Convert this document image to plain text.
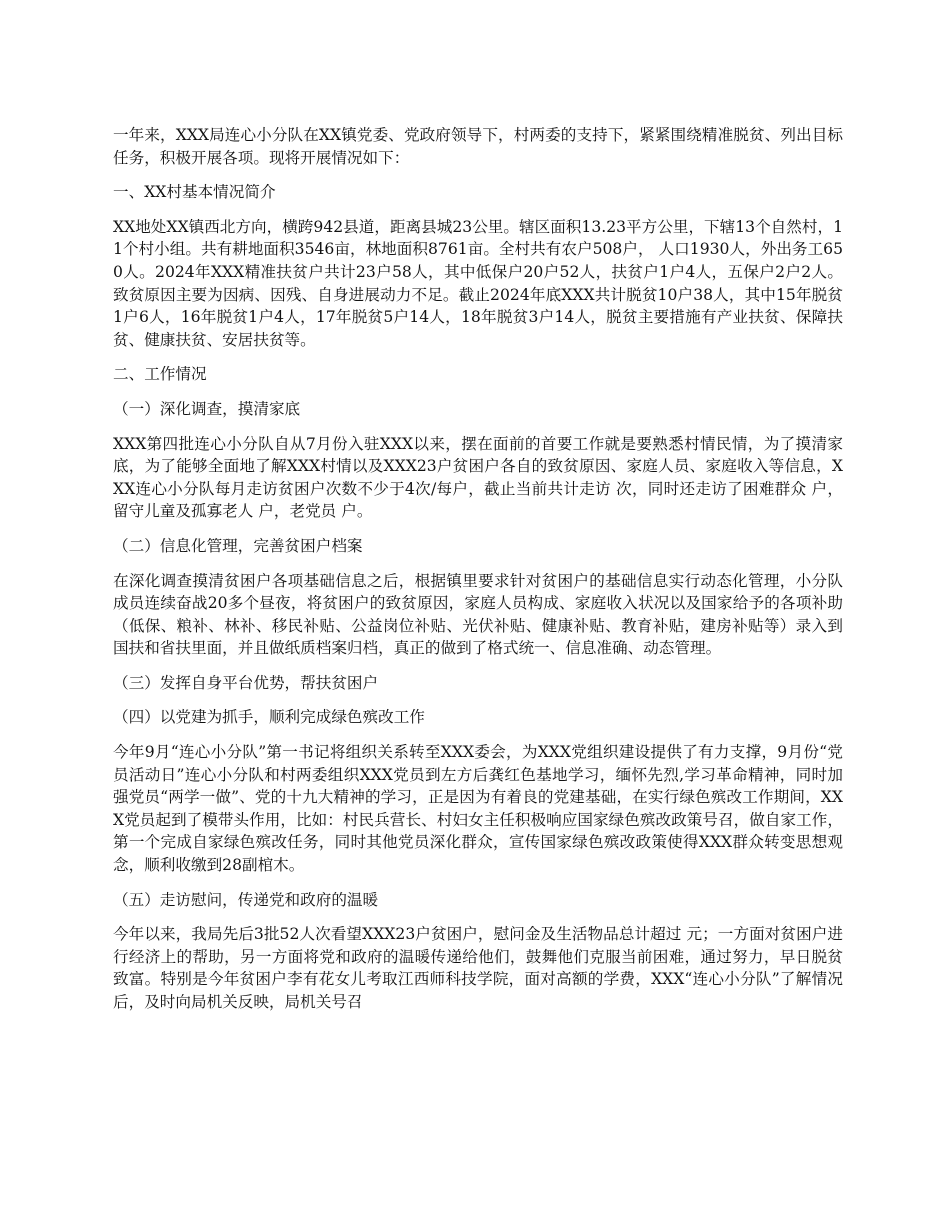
一年来，XXX局连心小分队在XX镇党委、党政府领导下，村两委的支持下，紧紧围绕精准脱贫、列出目标任务，积极开展各项。现将开展情况如下：

一、XX村基本情况简介

XX地处XX镇西北方向，横跨942县道，距离县城23公里。辖区面积13.23平方公里，下辖13个自然村，11个村小组。共有耕地面积3546亩，林地面积8761亩。全村共有农户508户， 人口1930人，外出务工650人。2024年XXX精准扶贫户共计23户58人，其中低保户20户52人，扶贫户1户4人，五保户2户2人。致贫原因主要为因病、因残、自身进展动力不足。截止2024年底XXX共计脱贫10户38人，其中15年脱贫1户6人，16年脱贫1户4人，17年脱贫5户14人，18年脱贫3户14人，脱贫主要措施有产业扶贫、保障扶贫、健康扶贫、安居扶贫等。

二、工作情况

（一）深化调查，摸清家底

XXX第四批连心小分队自从7月份入驻XXX以来，摆在面前的首要工作就是要熟悉村情民情，为了摸清家底，为了能够全面地了解XXX村情以及XXX23户贫困户各自的致贫原因、家庭人员、家庭收入等信息，XXX连心小分队每月走访贫困户次数不少于4次/每户，截止当前共计走访 次，同时还走访了困难群众 户，留守儿童及孤寡老人 户，老党员 户。

（二）信息化管理，完善贫困户档案

在深化调查摸清贫困户各项基础信息之后，根据镇里要求针对贫困户的基础信息实行动态化管理，小分队成员连续奋战20多个昼夜，将贫困户的致贫原因，家庭人员构成、家庭收入状况以及国家给予的各项补助（低保、粮补、林补、移民补贴、公益岗位补贴、光伏补贴、健康补贴、教育补贴，建房补贴等）录入到国扶和省扶里面，并且做纸质档案归档，真正的做到了格式统一、信息准确、动态管理。

（三）发挥自身平台优势，帮扶贫困户

（四）以党建为抓手，顺利完成绿色殡改工作

今年9月“连心小分队”第一书记将组织关系转至XXX委会，为XXX党组织建设提供了有力支撑，9月份“党员活动日”连心小分队和村两委组织XXX党员到左方后龚红色基地学习，缅怀先烈,学习革命精神，同时加强党员“两学一做”、党的十九大精神的学习，正是因为有着良的党建基础，在实行绿色殡改工作期间，XXX党员起到了模带头作用，比如：村民兵营长、村妇女主任积极响应国家绿色殡改政策号召，做自家工作，第一个完成自家绿色殡改任务，同时其他党员深化群众，宣传国家绿色殡改政策使得XXX群众转变思想观念，顺利收缴到28副棺木。

（五）走访慰问，传递党和政府的温暖

今年以来，我局先后3批52人次看望XXX23户贫困户，慰问金及生活物品总计超过 元；一方面对贫困户进行经济上的帮助，另一方面将党和政府的温暖传递给他们，鼓舞他们克服当前困难，通过努力，早日脱贫致富。特别是今年贫困户李有花女儿考取江西师科技学院，面对高额的学费，XXX“连心小分队”了解情况后，及时向局机关反映，局机关号召
